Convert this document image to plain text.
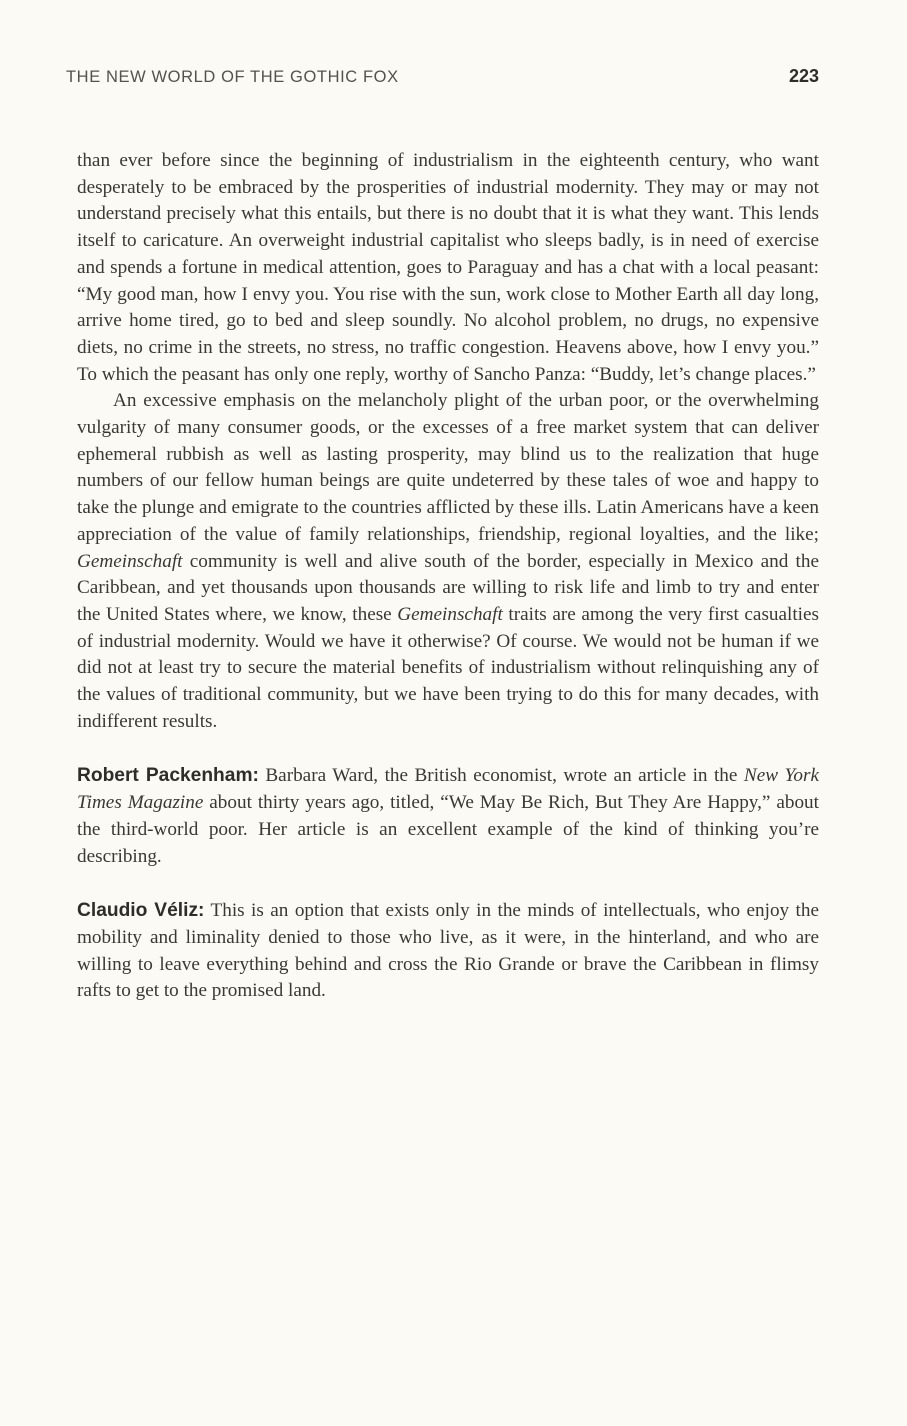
THE NEW WORLD OF THE GOTHIC FOX	223

than ever before since the beginning of industrialism in the eighteenth century, who want desperately to be embraced by the prosperities of industrial modernity. They may or may not understand precisely what this entails, but there is no doubt that it is what they want. This lends itself to caricature. An overweight industrial capitalist who sleeps badly, is in need of exercise and spends a fortune in medical attention, goes to Paraguay and has a chat with a local peasant: “My good man, how I envy you. You rise with the sun, work close to Mother Earth all day long, arrive home tired, go to bed and sleep soundly. No alcohol problem, no drugs, no expensive diets, no crime in the streets, no stress, no traffic congestion. Heavens above, how I envy you.” To which the peasant has only one reply, worthy of Sancho Panza: “Buddy, let’s change places.”

An excessive emphasis on the melancholy plight of the urban poor, or the overwhelming vulgarity of many consumer goods, or the excesses of a free market system that can deliver ephemeral rubbish as well as lasting prosperity, may blind us to the realization that huge numbers of our fellow human beings are quite undeterred by these tales of woe and happy to take the plunge and emigrate to the countries afflicted by these ills. Latin Americans have a keen appreciation of the value of family relationships, friendship, regional loyalties, and the like; Gemeinschaft community is well and alive south of the border, especially in Mexico and the Caribbean, and yet thousands upon thousands are willing to risk life and limb to try and enter the United States where, we know, these Gemeinschaft traits are among the very first casualties of industrial modernity. Would we have it otherwise? Of course. We would not be human if we did not at least try to secure the material benefits of industrialism without relinquishing any of the values of traditional community, but we have been trying to do this for many decades, with indifferent results.

Robert Packenham: Barbara Ward, the British economist, wrote an article in the New York Times Magazine about thirty years ago, titled, “We May Be Rich, But They Are Happy,” about the third-world poor. Her article is an excellent example of the kind of thinking you’re describing.

Claudio Véliz: This is an option that exists only in the minds of intellectuals, who enjoy the mobility and liminality denied to those who live, as it were, in the hinterland, and who are willing to leave everything behind and cross the Rio Grande or brave the Caribbean in flimsy rafts to get to the promised land.
